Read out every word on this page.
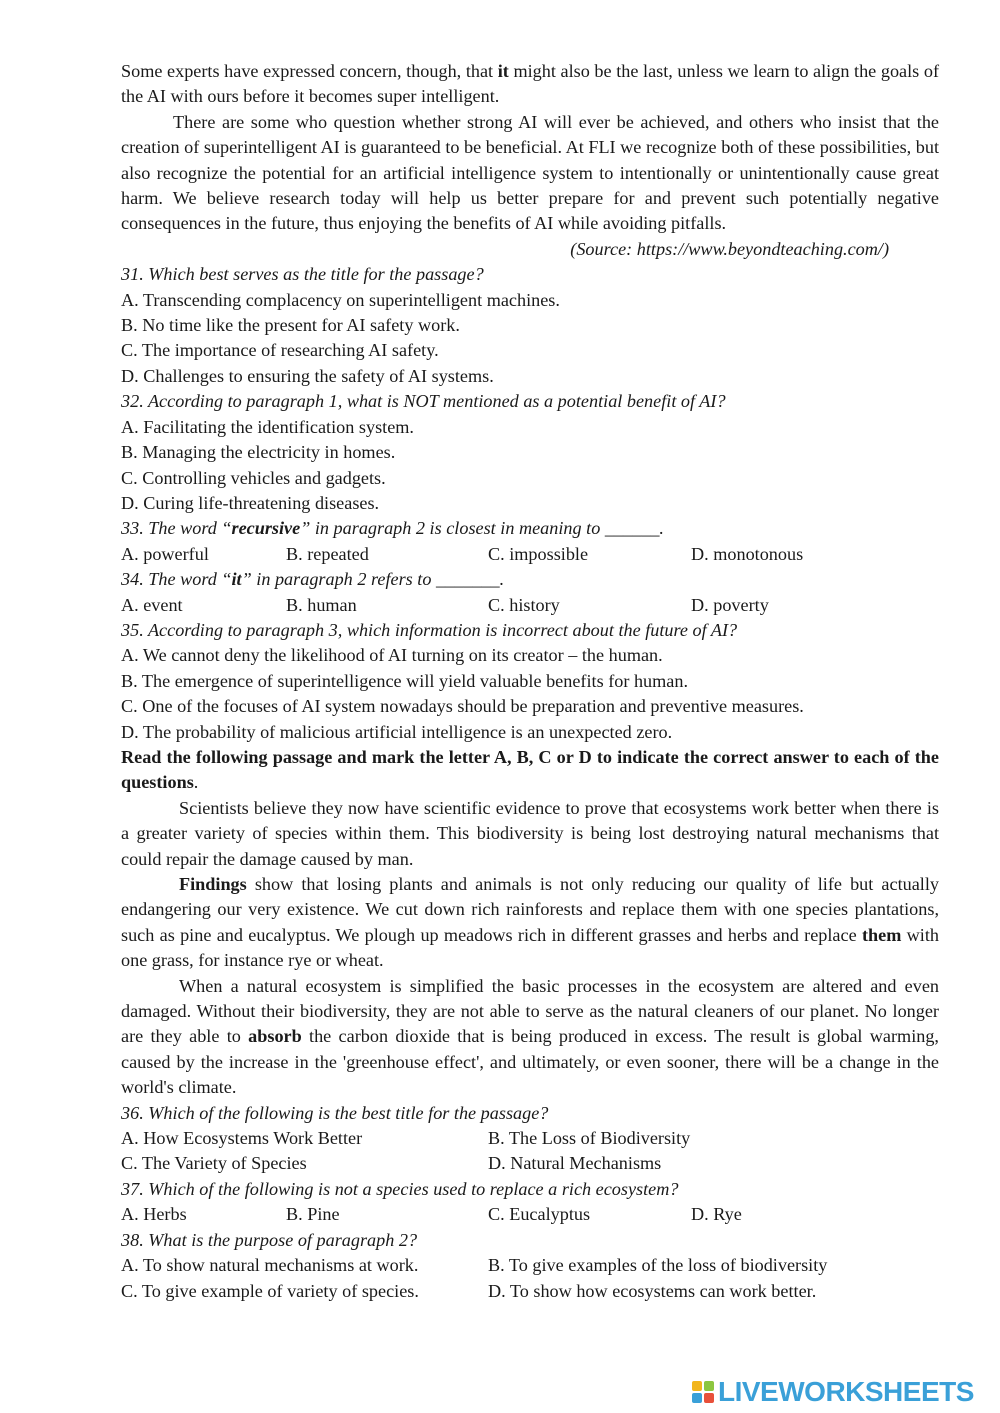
Some experts have expressed concern, though, that it might also be the last, unless we learn to align the goals of the AI with ours before it becomes super intelligent.

There are some who question whether strong AI will ever be achieved, and others who insist that the creation of superintelligent AI is guaranteed to be beneficial. At FLI we recognize both of these possibilities, but also recognize the potential for an artificial intelligence system to intentionally or unintentionally cause great harm. We believe research today will help us better prepare for and prevent such potentially negative consequences in the future, thus enjoying the benefits of AI while avoiding pitfalls.

(Source: https://www.beyondteaching.com/)

31. Which best serves as the title for the passage?

A. Transcending complacency on superintelligent machines.

B. No time like the present for AI safety work.

C. The importance of researching AI safety.

D. Challenges to ensuring the safety of AI systems.

32. According to paragraph 1, what is NOT mentioned as a potential benefit of AI?

A. Facilitating the identification system.

B. Managing the electricity in homes.

C. Controlling vehicles and gadgets.

D. Curing life-threatening diseases.

33. The word “recursive” in paragraph 2 is closest in meaning to ______.

A. powerful	B. repeated	C. impossible	D. monotonous

34. The word “it” in paragraph 2 refers to _______.

A. event	B. human	C. history	D. poverty

35. According to paragraph 3, which information is incorrect about the future of AI?

A. We cannot deny the likelihood of AI turning on its creator – the human.

B. The emergence of superintelligence will yield valuable benefits for human.

C. One of the focuses of AI system nowadays should be preparation and preventive measures.

D. The probability of malicious artificial intelligence is an unexpected zero.

Read the following passage and mark the letter A, B, C or D to indicate the correct answer to each of the questions.

Scientists believe they now have scientific evidence to prove that ecosystems work better when there is a greater variety of species within them. This biodiversity is being lost destroying natural mechanisms that could repair the damage caused by man.

Findings show that losing plants and animals is not only reducing our quality of life but actually endangering our very existence. We cut down rich rainforests and replace them with one species plantations, such as pine and eucalyptus. We plough up meadows rich in different grasses and herbs and replace them with one grass, for instance rye or wheat.

When a natural ecosystem is simplified the basic processes in the ecosystem are altered and even damaged. Without their biodiversity, they are not able to serve as the natural cleaners of our planet. No longer are they able to absorb the carbon dioxide that is being produced in excess. The result is global warming, caused by the increase in the 'greenhouse effect', and ultimately, or even sooner, there will be a change in the world's climate.

36. Which of the following is the best title for the passage?

A. How Ecosystems Work Better	B. The Loss of Biodiversity
C. The Variety of Species	D. Natural Mechanisms

37. Which of the following is not a species used to replace a rich ecosystem?

A. Herbs	B. Pine	C. Eucalyptus	D. Rye

38. What is the purpose of paragraph 2?

A. To show natural mechanisms at work.	B. To give examples of the loss of biodiversity
C. To give example of variety of species.	D. To show how ecosystems can work better.
LIVEWORKSHEETS
